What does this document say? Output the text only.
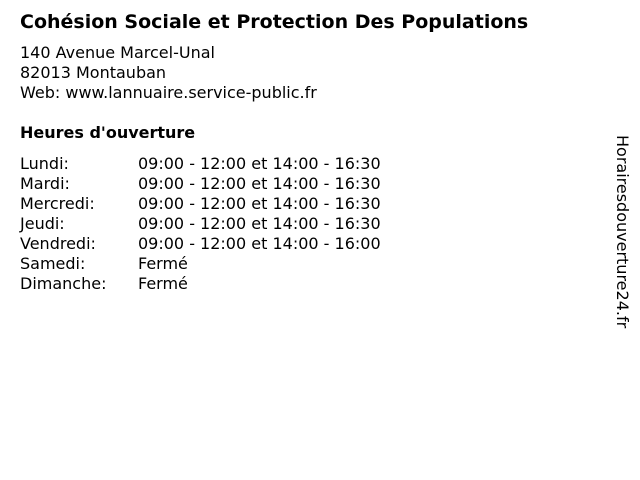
Cohésion Sociale et Protection Des Populations
140 Avenue Marcel-Unal
82013 Montauban
Web: www.lannuaire.service-public.fr
Heures d'ouverture
Lundi:	09:00 - 12:00 et 14:00 - 16:30
Mardi:	09:00 - 12:00 et 14:00 - 16:30
Mercredi:	09:00 - 12:00 et 14:00 - 16:30
Jeudi:	09:00 - 12:00 et 14:00 - 16:30
Vendredi:	09:00 - 12:00 et 14:00 - 16:00
Samedi:	Fermé
Dimanche: Fermé	Horairesdouverture24.fr
